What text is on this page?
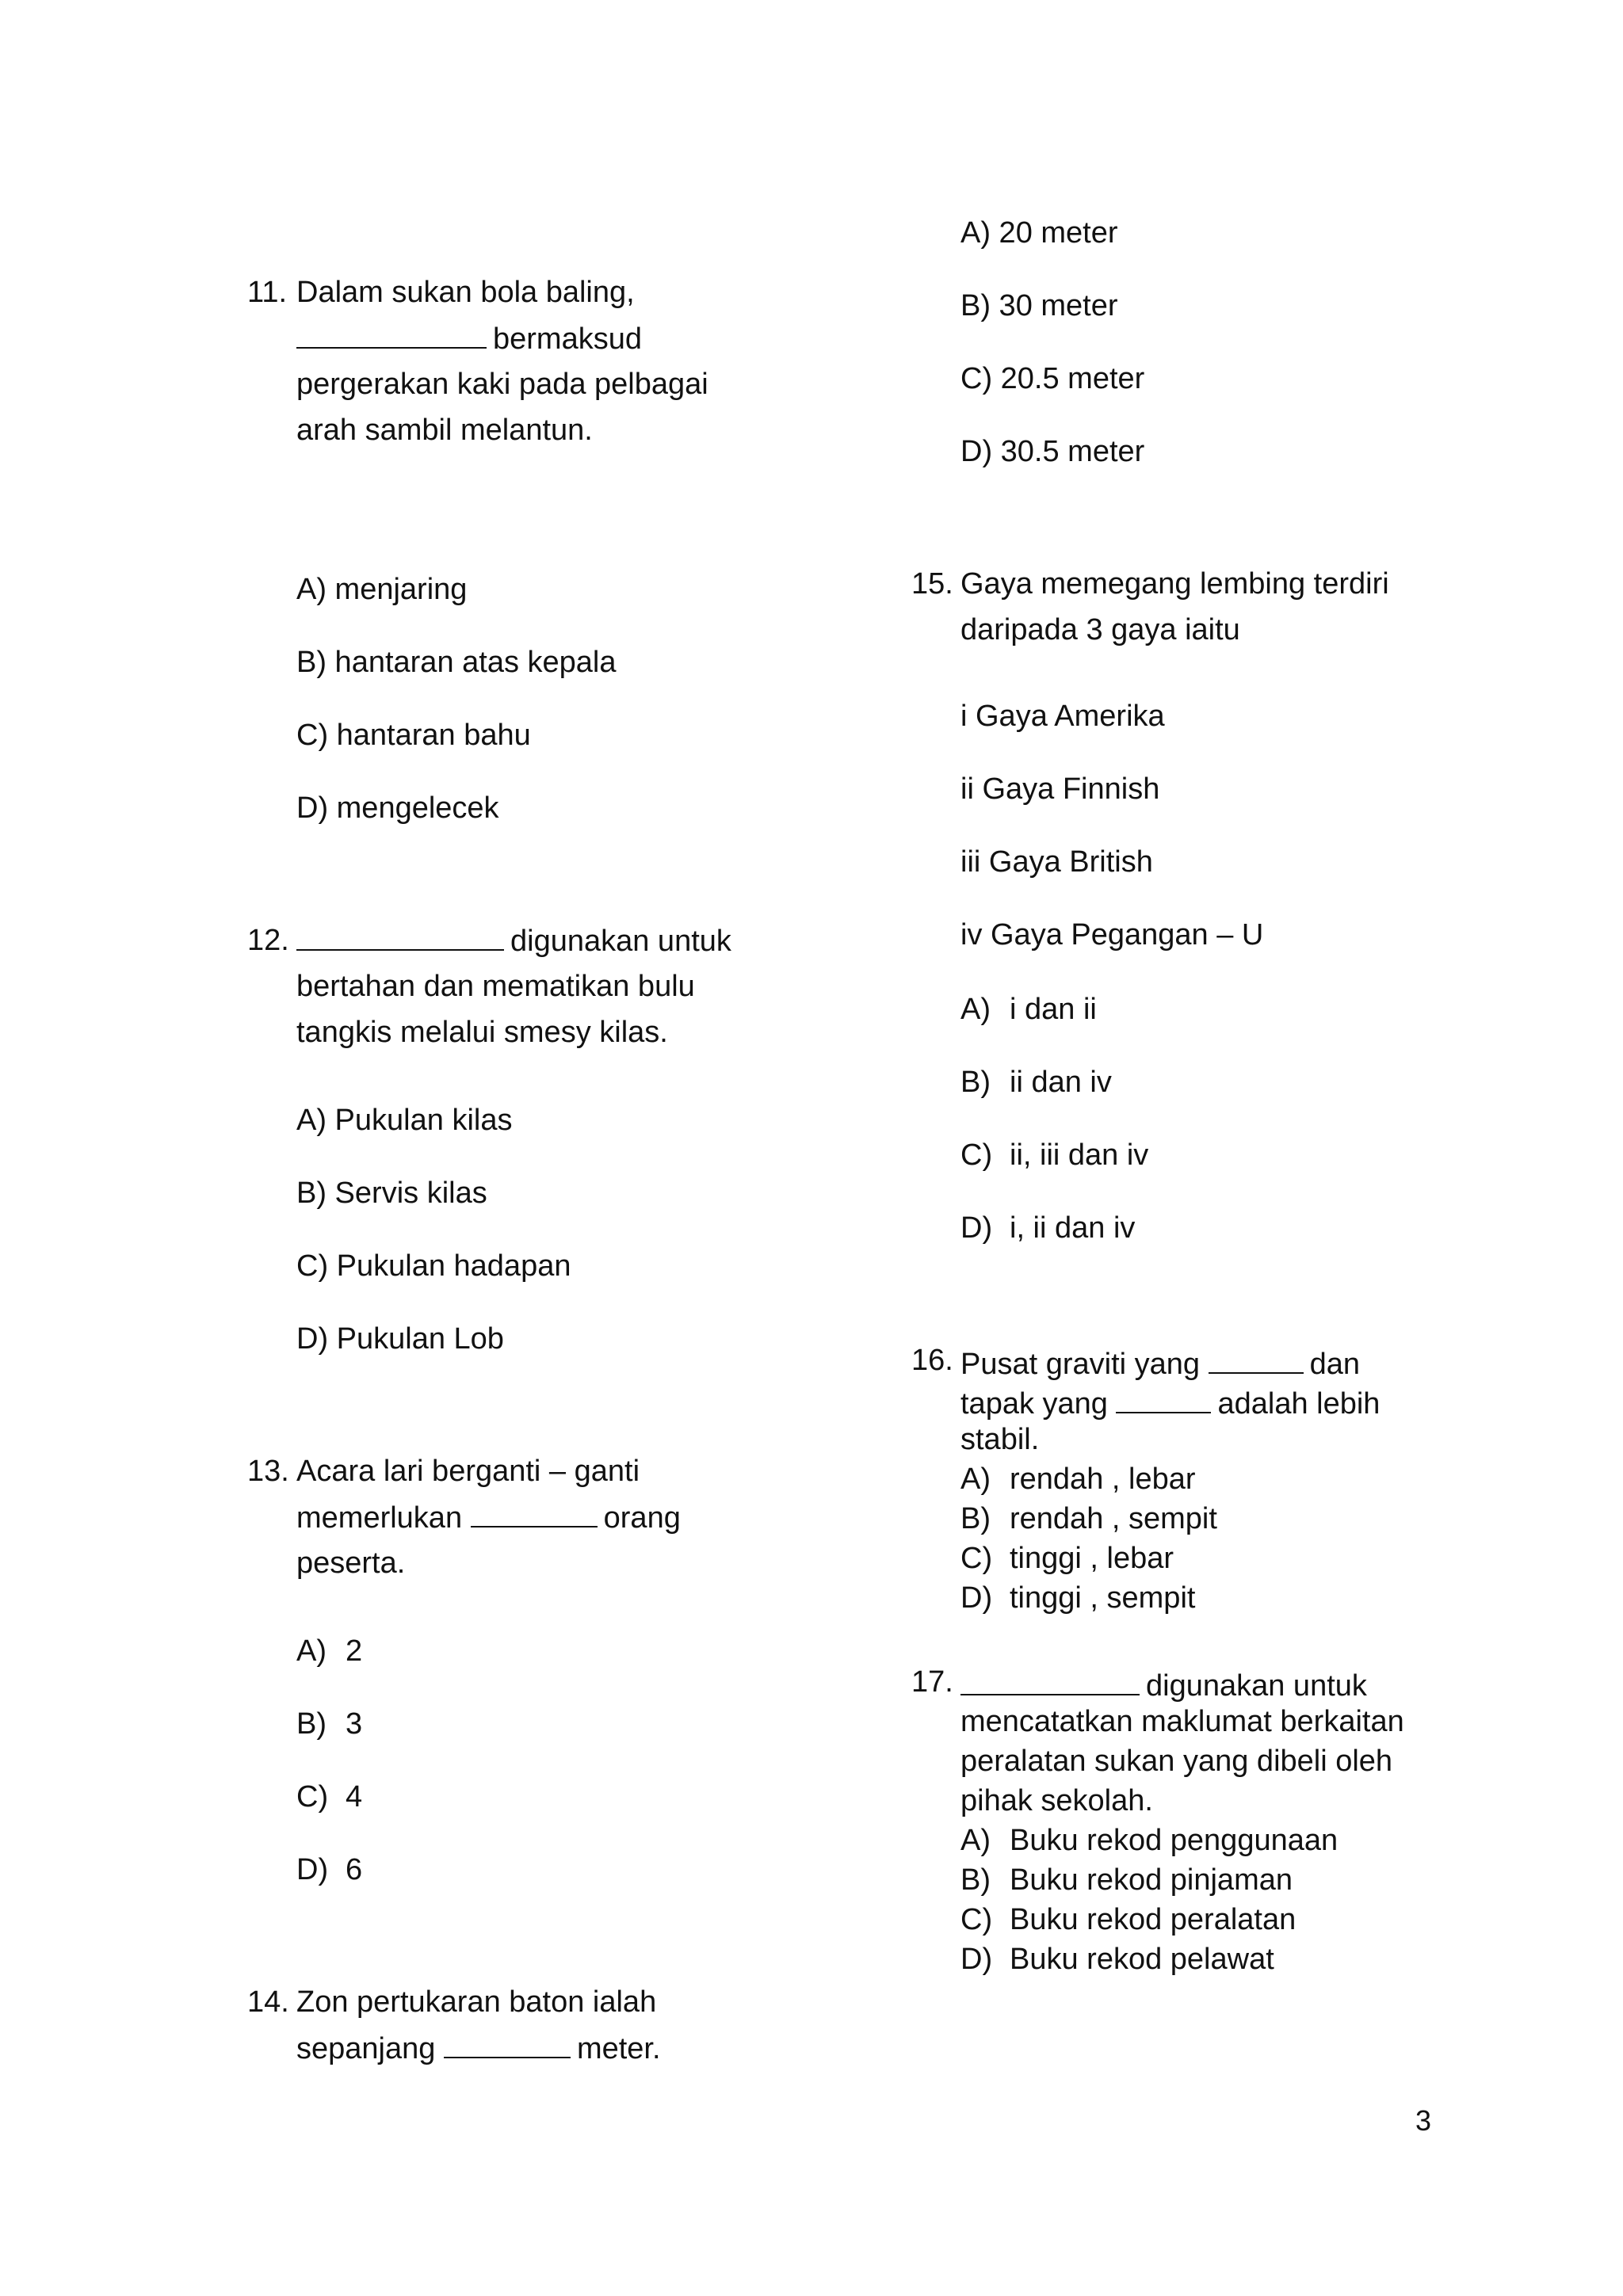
11. Dalam sukan bola baling,
bermaksud
pergerakan kaki pada pelbagai
arah sambil melantun.
A) menjaring
B) hantaran atas kepala
C) hantaran bahu
D) mengelecek
12.	digunakan untuk
bertahan dan mematikan bulu
tangkis melalui smesy kilas.
A) Pukulan kilas
B) Servis kilas
C) Pukulan hadapan
D) Pukulan Lob
13. Acara lari berganti – ganti
memerlukan	orang
peserta.
A) 2
B) 3
C) 4
D) 6
14. Zon pertukaran baton ialah
sepanjang	meter.
A) 20 meter
B) 30 meter
C) 20.5 meter
D) 30.5 meter
15. Gaya memegang lembing terdiri
daripada 3 gaya iaitu
i Gaya Amerika
ii Gaya Finnish
iii Gaya British
iv Gaya Pegangan – U
A) i dan ii
B) ii dan iv
C) ii, iii dan iv
D) i, ii dan iv
16. Pusat graviti yang	dan
tapak yang	adalah lebih
stabil.
A) rendah , lebar
B) rendah , sempit
C) tinggi , lebar
D) tinggi , sempit
17.	digunakan untuk
mencatatkan maklumat berkaitan
peralatan sukan yang dibeli oleh
pihak sekolah.
A) Buku rekod penggunaan
B) Buku rekod pinjaman
C) Buku rekod peralatan
D) Buku rekod pelawat
3
